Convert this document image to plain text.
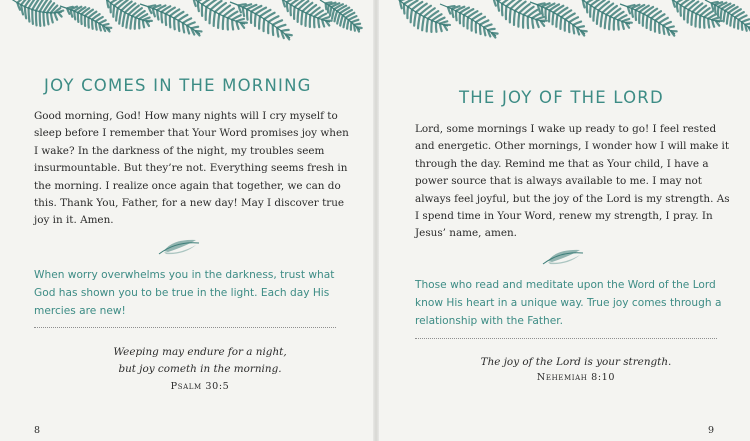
JOY COMES IN THE MORNING

Good morning, God! How many nights will I cry myself to sleep before I remember that Your Word promises joy when I wake? In the darkness of the night, my troubles seem insurmountable. But they’re not. Everything seems fresh in the morning. I realize once again that together, we can do this. Thank You, Father, for a new day! May I discover true joy in it. Amen.

When worry overwhelms you in the darkness, trust what God has shown you to be true in the light. Each day His mercies are new!

Weeping may endure for a night,
but joy cometh in the morning.

Psalm 30:5
8
THE JOY OF THE LORD

Lord, some mornings I wake up ready to go! I feel rested and energetic. Other mornings, I wonder how I will make it through the day. Remind me that as Your child, I have a power source that is always available to me. I may not always feel joyful, but the joy of the Lord is my strength. As I spend time in Your Word, renew my strength, I pray. In Jesus’ name, amen.

Those who read and meditate upon the Word of the Lord know His heart in a unique way. True joy comes through a relationship with the Father.

The joy of the Lord is your strength.

Nehemiah 8:10
9
